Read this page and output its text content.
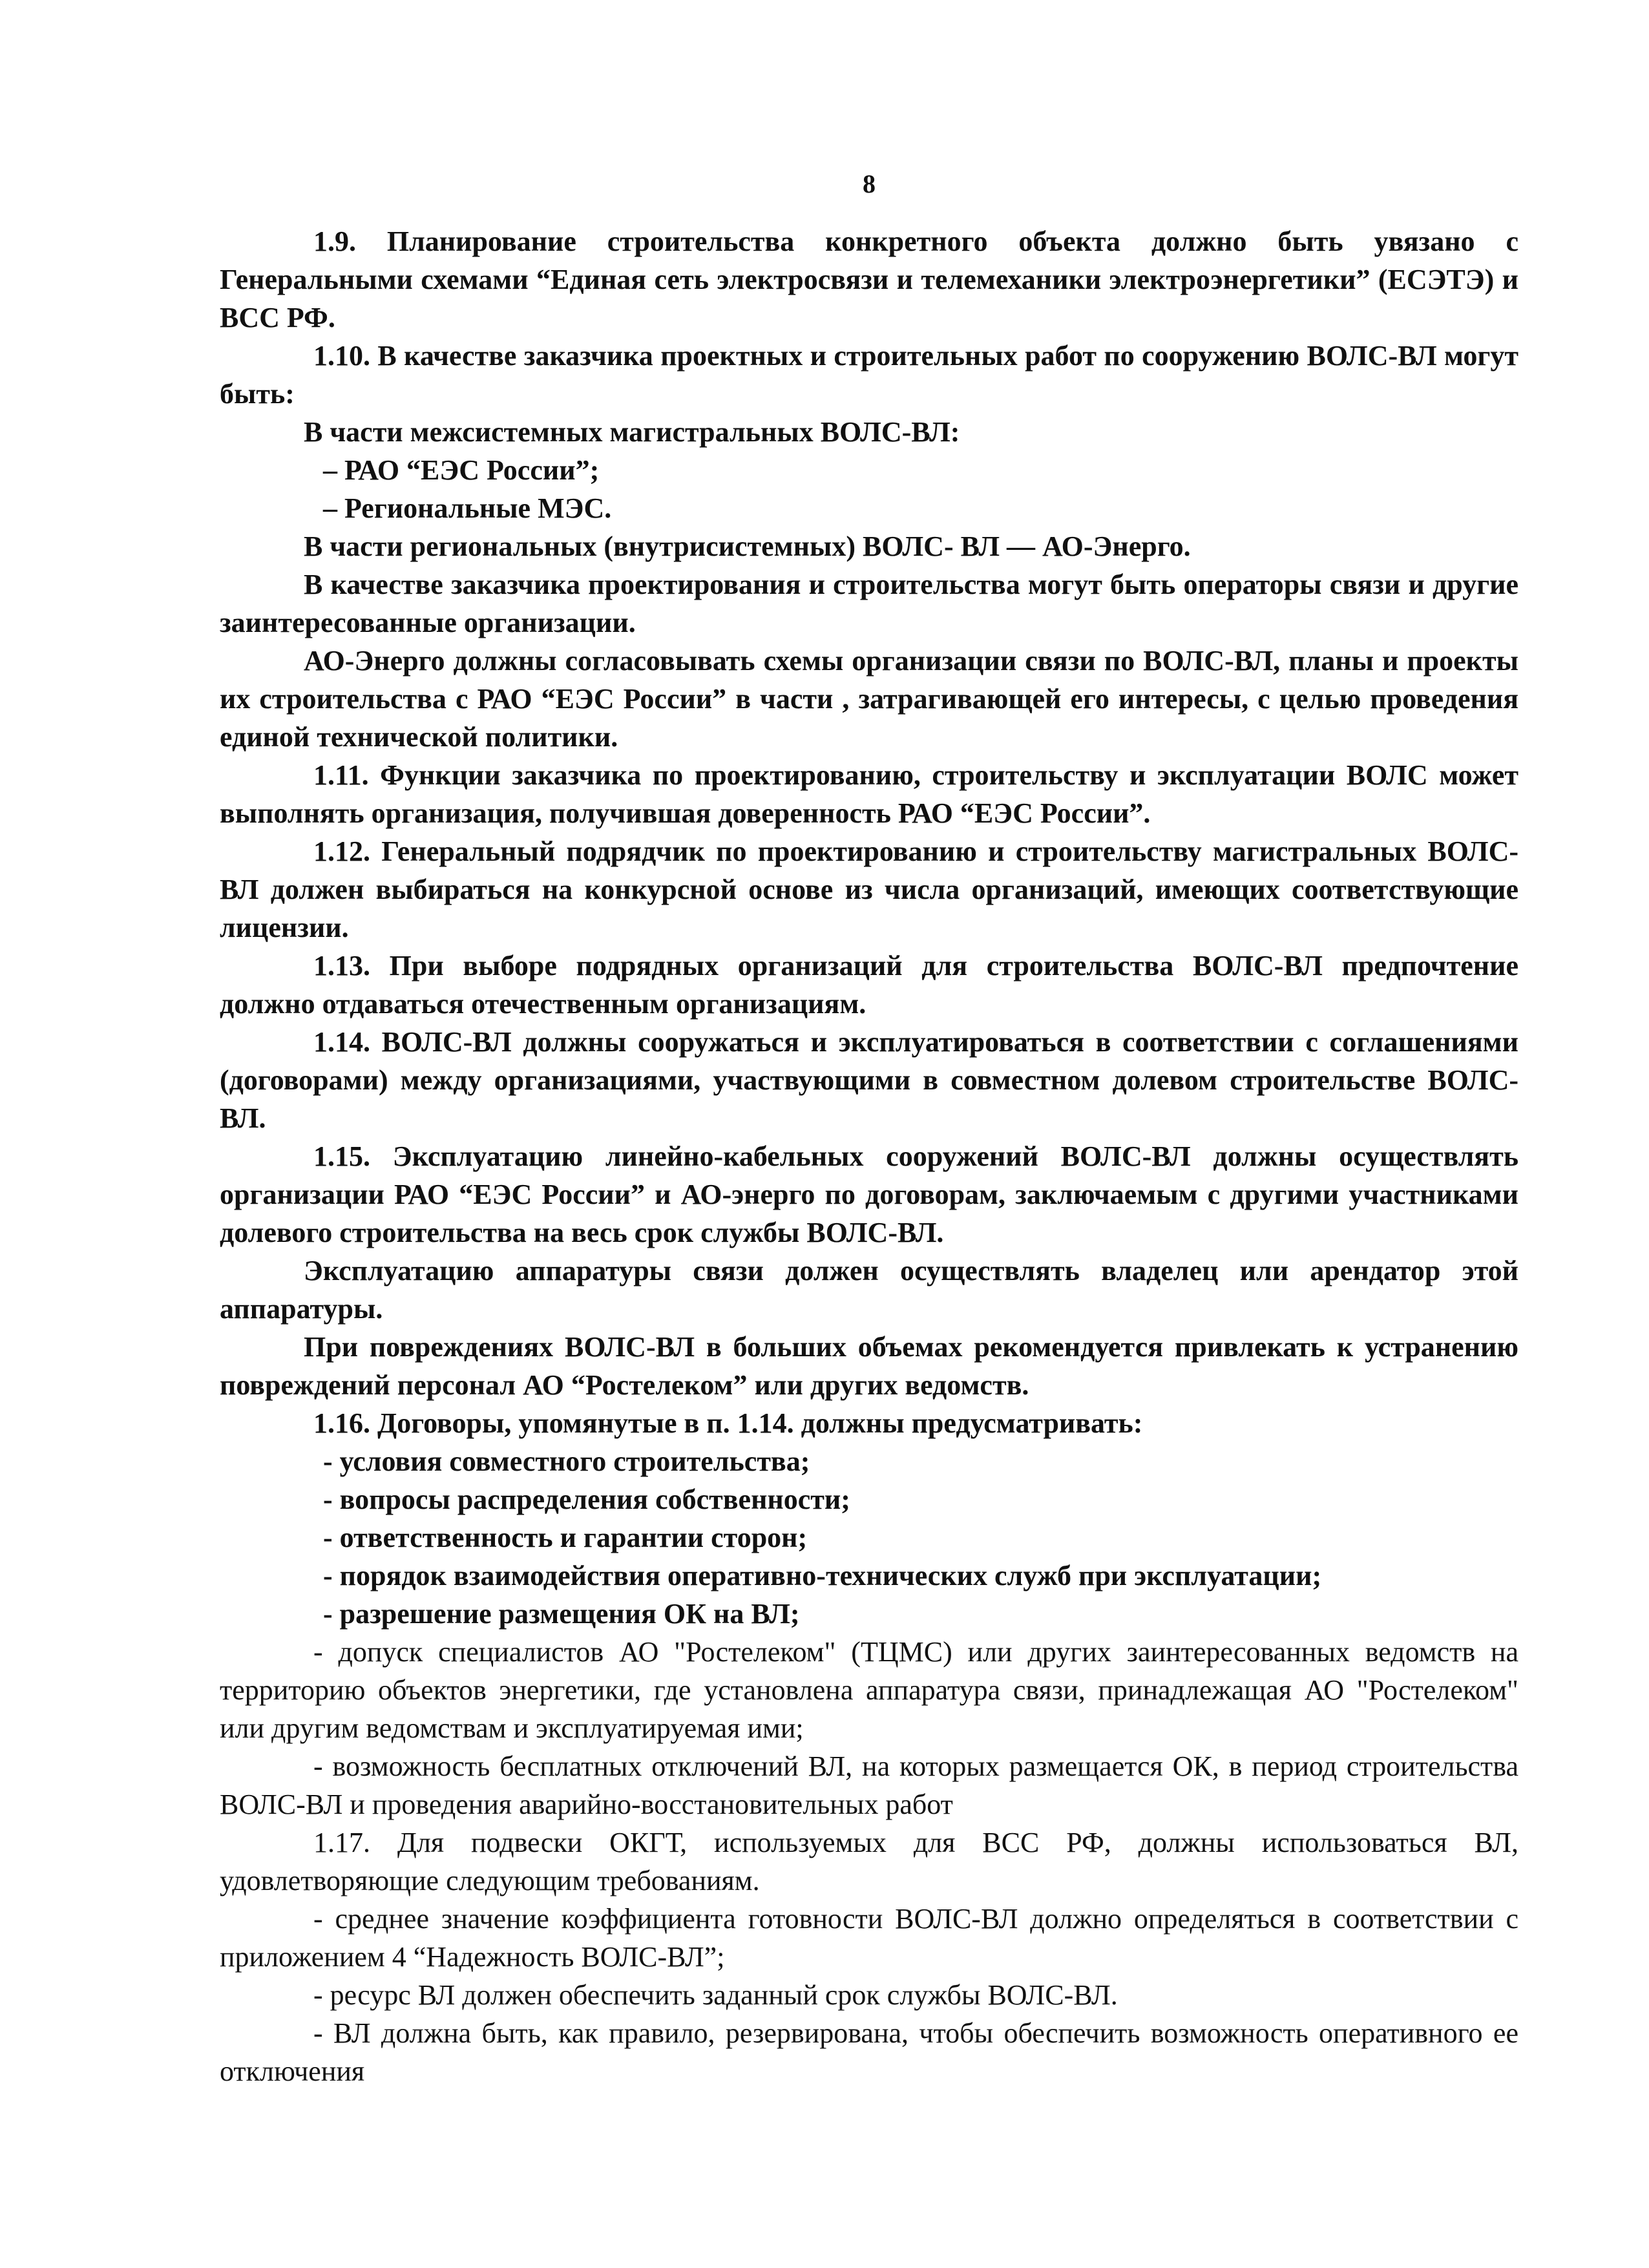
8

1.9. Планирование строительства конкретного объекта должно быть увязано с Генеральными схемами “Единая сеть электросвязи и телемеханики электроэнергетики” (ЕСЭТЭ) и ВСС РФ.

1.10. В качестве заказчика проектных и строительных работ по сооружению ВОЛС-ВЛ могут быть:

В части межсистемных магистральных ВОЛС-ВЛ:

– РАО “ЕЭС России”;

– Региональные МЭС.

В части региональных (внутрисистемных) ВОЛС- ВЛ — АО-Энерго.

В качестве заказчика проектирования и строительства могут быть операторы связи и другие заинтересованные организации.

АО-Энерго должны согласовывать схемы организации связи по ВОЛС-ВЛ, планы и проекты их строительства с РАО “ЕЭС России” в части , затрагивающей его интересы, с целью проведения единой технической политики.

1.11. Функции заказчика по проектированию, строительству и эксплуатации ВОЛС может выполнять организация, получившая доверенность РАО “ЕЭС России”.

1.12. Генеральный подрядчик по проектированию и строительству магистральных ВОЛС-ВЛ должен выбираться на конкурсной основе из числа организаций, имеющих соответствующие лицензии.

1.13. При выборе подрядных организаций для строительства ВОЛС-ВЛ предпочтение должно отдаваться отечественным организациям.

1.14. ВОЛС-ВЛ должны сооружаться и эксплуатироваться в соответствии с соглашениями (договорами) между организациями, участвующими в совместном долевом строительстве ВОЛС-ВЛ.

1.15. Эксплуатацию линейно-кабельных сооружений ВОЛС-ВЛ должны осуществлять организации РАО “ЕЭС России” и АО-энерго по договорам, заключаемым с другими участниками долевого строительства на весь срок службы ВОЛС-ВЛ.

Эксплуатацию аппаратуры связи должен осуществлять владелец или арендатор этой аппаратуры.

При повреждениях ВОЛС-ВЛ в больших объемах рекомендуется привлекать к устранению повреждений персонал АО “Ростелеком” или других ведомств.

1.16. Договоры, упомянутые в п. 1.14. должны предусматривать:

- условия совместного строительства;

- вопросы распределения собственности;

- ответственность и гарантии сторон;

- порядок взаимодействия оперативно-технических служб при эксплуатации;

- разрешение размещения ОК на ВЛ;

- допуск специалистов АО "Ростелеком" (ТЦМС) или других заинтересованных ведомств на территорию объектов энергетики, где установлена аппаратура связи, принадлежащая АО "Ростелеком" или другим ведомствам и эксплуатируемая ими;

- возможность бесплатных отключений ВЛ, на которых размещается ОК, в период строительства ВОЛС-ВЛ и проведения аварийно-восстановительных работ

1.17. Для подвески ОКГТ, используемых для ВСС РФ, должны использоваться ВЛ, удовлетворяющие следующим требованиям.

- среднее значение коэффициента готовности ВОЛС-ВЛ должно определяться в соответствии с приложением 4 “Надежность ВОЛС-ВЛ”;

- ресурс ВЛ должен обеспечить заданный срок службы ВОЛС-ВЛ.

- ВЛ должна быть, как правило, резервирована, чтобы обеспечить возможность оперативного ее отключения
